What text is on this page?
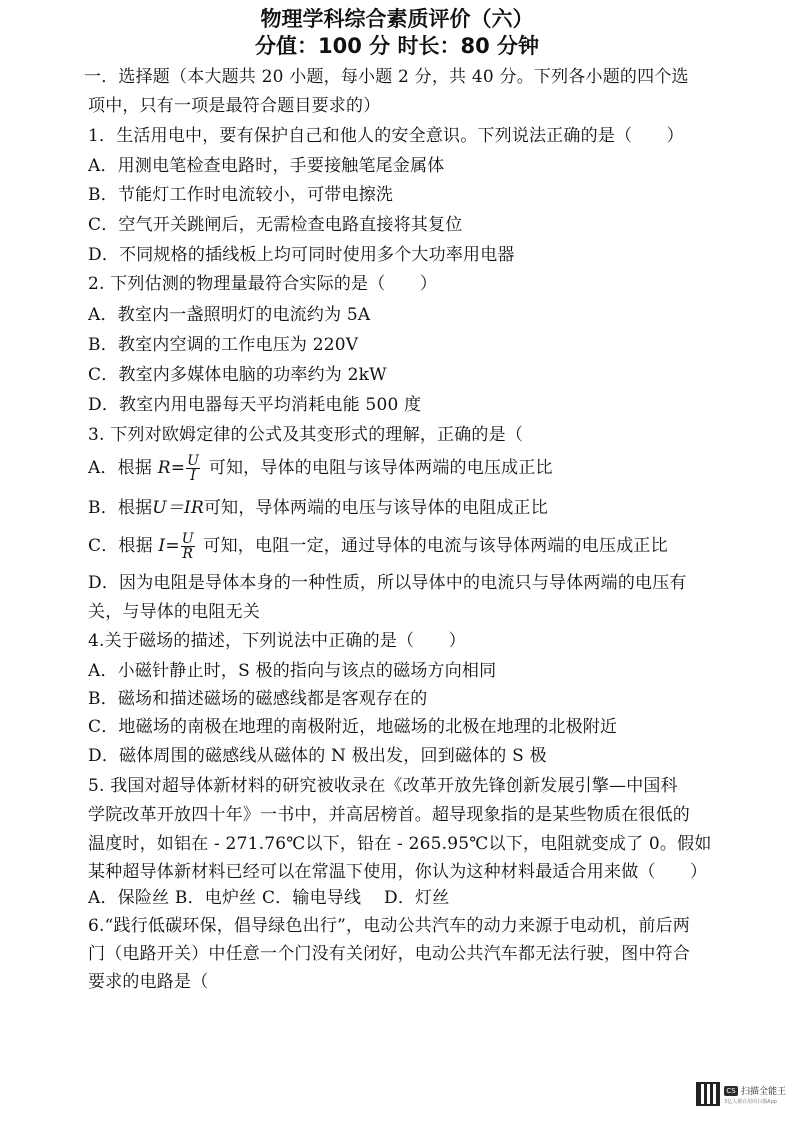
物理学科综合素质评价（六）
分值：100 分 时长：80 分钟
一．选择题（本大题共 20 小题，每小题 2 分，共 40 分。下列各小题的四个选
项中，只有一项是最符合题目要求的）
1．生活用电中，要有保护自己和他人的安全意识。下列说法正确的是（　　）
A．用测电笔检查电路时，手要接触笔尾金属体
B．节能灯工作时电流较小，可带电擦洗
C．空气开关跳闸后，无需检查电路直接将其复位
D．不同规格的插线板上均可同时使用多个大功率用电器
2. 下列估测的物理量最符合实际的是（　　）
A．教室内一盏照明灯的电流约为 5A
B．教室内空调的工作电压为 220V
C．教室内多媒体电脑的功率约为 2kW
D．教室内用电器每天平均消耗电能 500 度
3. 下列对欧姆定律的公式及其变形式的理解，正确的是（
A．根据 $R= \frac{U}{I}$ 可知，导体的电阻与该导体两端的电压成正比
B．根据U＝IR可知，导体两端的电压与该导体的电阻成正比
C．根据 $I= \frac{U}{R}$ 可知，电阻一定，通过导体的电流与该导体两端的电压成正比
D．因为电阻是导体本身的一种性质，所以导体中的电流只与导体两端的电压有
关，与导体的电阻无关
4.关于磁场的描述，下列说法中正确的是（　　）
A．小磁针静止时，S 极的指向与该点的磁场方向相同
B．磁场和描述磁场的磁感线都是客观存在的
C．地磁场的南极在地理的南极附近，地磁场的北极在地理的北极附近
D．磁体周围的磁感线从磁体的 N 极出发，回到磁体的 S 极
5. 我国对超导体新材料的研究被收录在《改革开放先锋创新发展引擎—中国科
学院改革开放四十年》一书中，并高居榜首。超导现象指的是某些物质在很低的
温度时，如铝在 - 271.76℃以下，铅在 - 265.95℃以下，电阻就变成了 0。假如
某种超导体新材料已经可以在常温下使用，你认为这种材料最适合用来做（　　）
A．保险丝 B．电炉丝 C．输电导线　 D．灯丝
6.“践行低碳环保，倡导绿色出行”，电动公共汽车的动力来源于电动机，前后两
门（电路开关）中任意一个门没有关闭好，电动公共汽车都无法行驶，图中符合
要求的电路是（　　
CS 扫描全能王
3亿人都在用的扫描App
